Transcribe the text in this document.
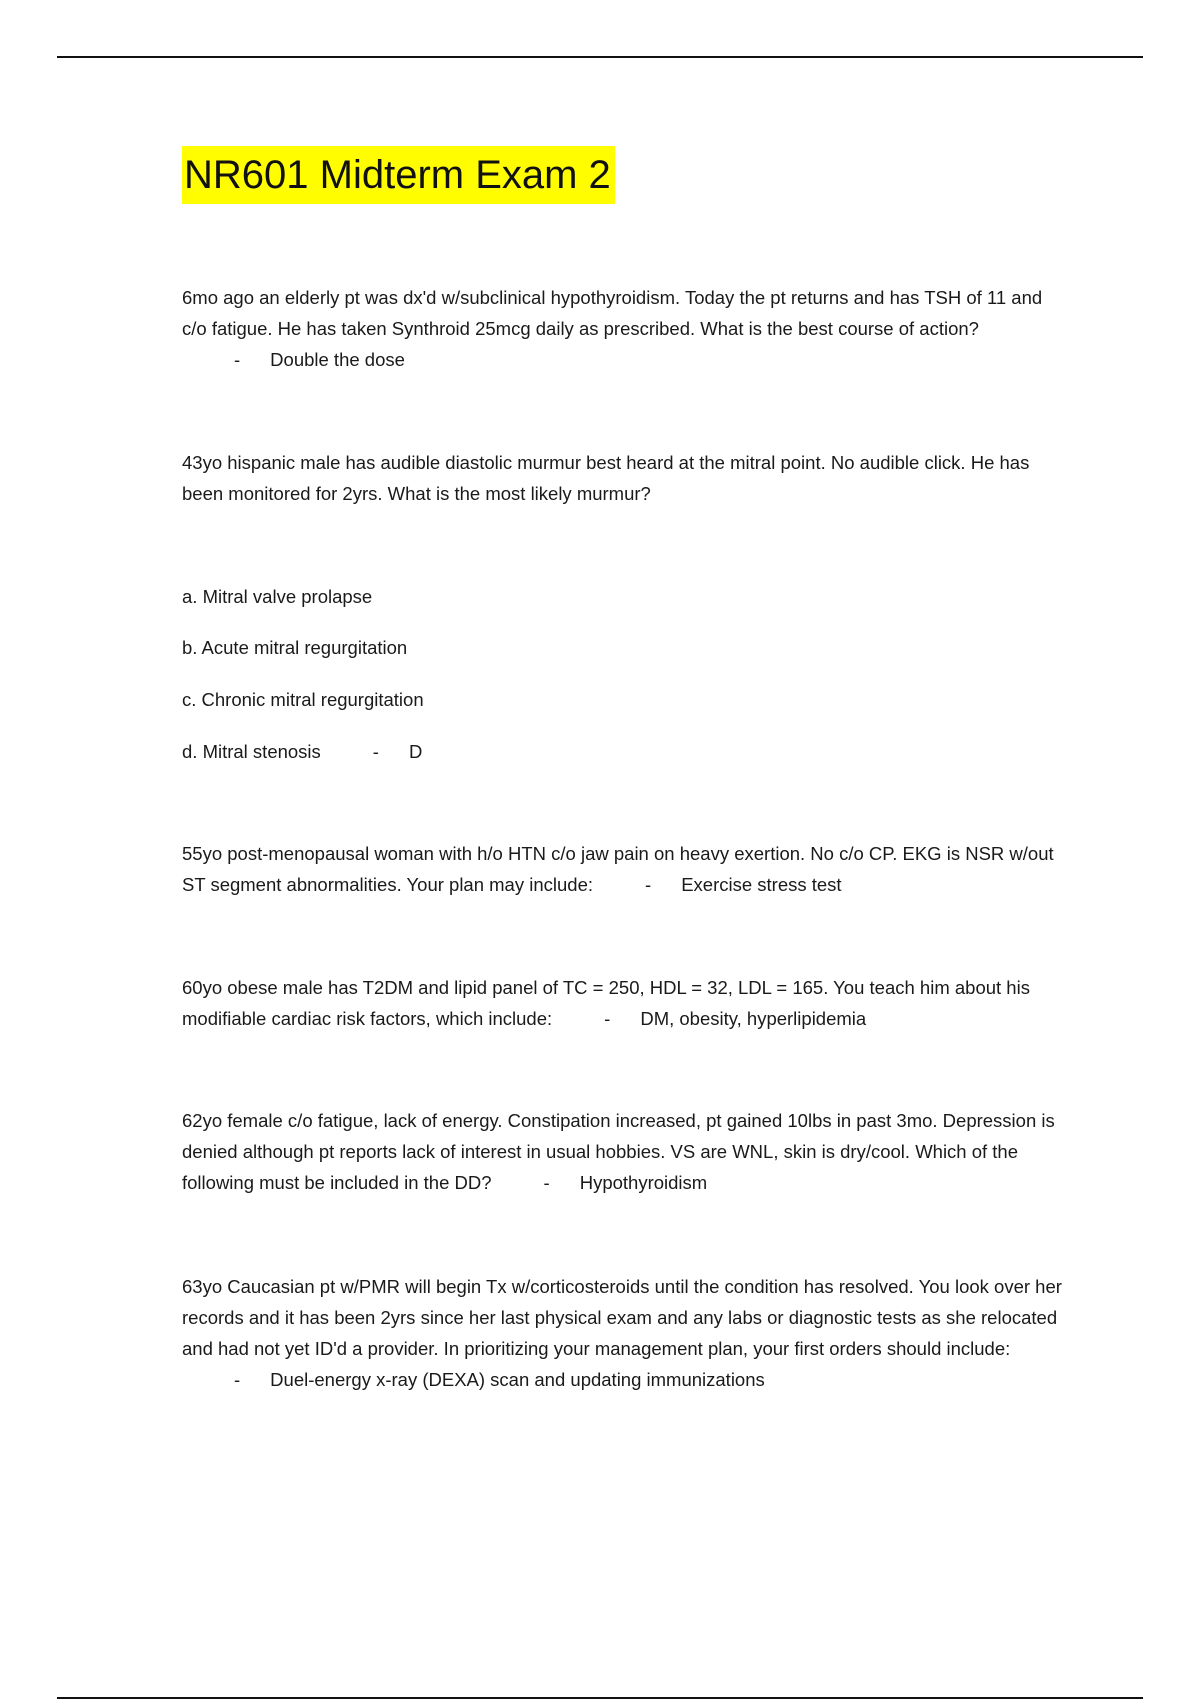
NR601 Midterm Exam 2

6mo ago an elderly pt was dx'd w/subclinical hypothyroidism. Today the pt returns and has TSH of 11 and c/o fatigue. He has taken Synthroid 25mcg daily as prescribed. What is the best course of action?- Double the dose

43yo hispanic male has audible diastolic murmur best heard at the mitral point. No audible click. He has been monitored for 2yrs. What is the most likely murmur?

a. Mitral valve prolapse

b. Acute mitral regurgitation

c. Chronic mitral regurgitation

d. Mitral stenosis	- D

55yo post-menopausal woman with h/o HTN c/o jaw pain on heavy exertion. No c/o CP. EKG is NSR w/out ST segment abnormalities. Your plan may include:	- Exercise stress test

60yo obese male has T2DM and lipid panel of TC = 250, HDL = 32, LDL = 165. You teach him about his modifiable cardiac risk factors, which include:	- DM, obesity, hyperlipidemia

62yo female c/o fatigue, lack of energy. Constipation increased, pt gained 10lbs in past 3mo. Depression is denied although pt reports lack of interest in usual hobbies. VS are WNL, skin is dry/cool. Which of the following must be included in the DD?	- Hypothyroidism

63yo Caucasian pt w/PMR will begin Tx w/corticosteroids until the condition has resolved. You look over her records and it has been 2yrs since her last physical exam and any labs or diagnostic tests as she relocated and had not yet ID'd a provider. In prioritizing your management plan, your first orders should include:- Duel-energy x-ray (DEXA) scan and updating immunizations
